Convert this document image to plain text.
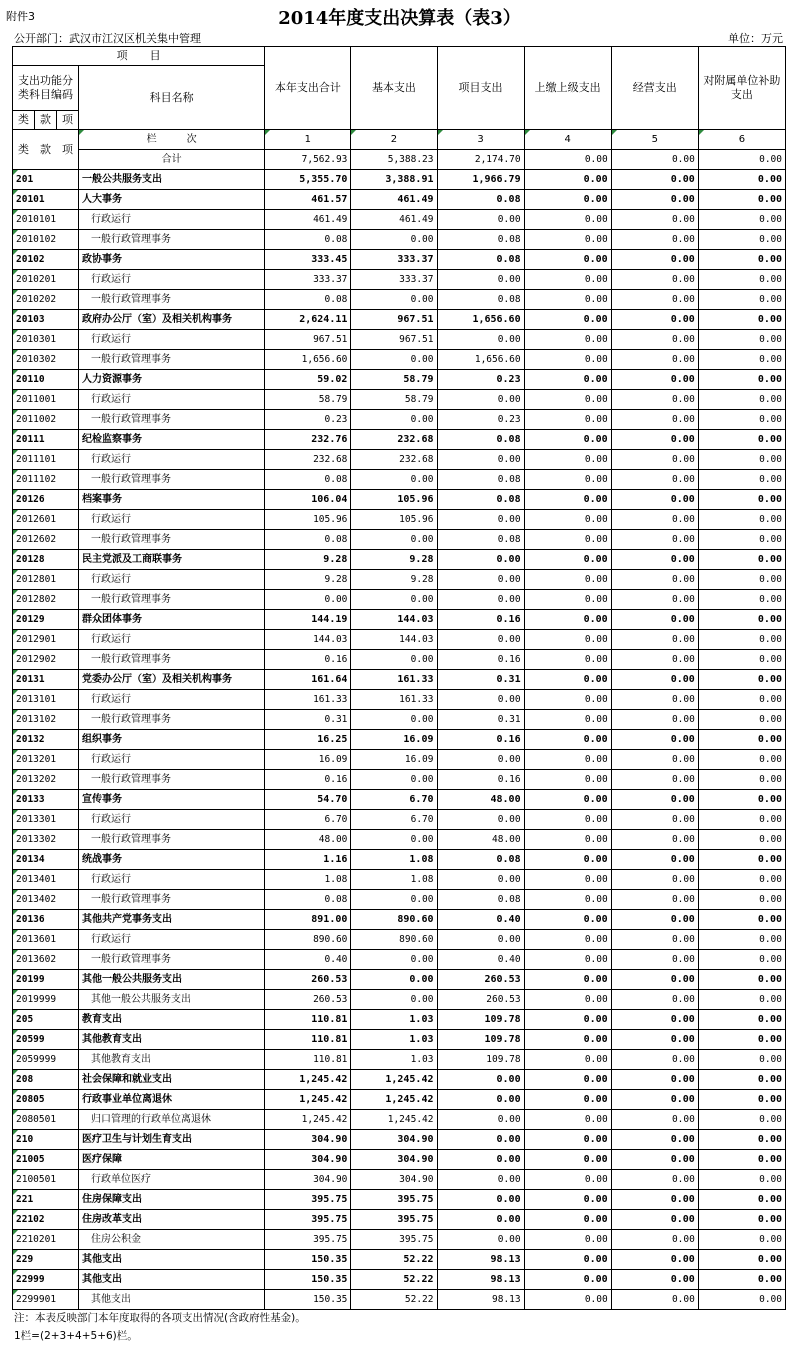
附件3	2014年度支出决算表（表3）
公开部门：武汉市江汉区机关集中管理	单位：万元
项　　目				本年支出合计	基本支出	项目支出	上缴上级支出	经营支出	对附属单位补助支出
支出功能分类科目编码			科目名称						

类	款	项							
类　 款　 项			栏　　　次	1	2	3	4	5	6
			合计	7,562.93	5,388.23	2,174.70	0.00	0.00	0.00
201			一般公共服务支出	5,355.70	3,388.91	1,966.79	0.00	0.00	0.00
20101			人大事务	461.57	461.49	0.08	0.00	0.00	0.00
2010101			行政运行	461.49	461.49	0.00	0.00	0.00	0.00
2010102			一般行政管理事务	0.08	0.00	0.08	0.00	0.00	0.00
20102			政协事务	333.45	333.37	0.08	0.00	0.00	0.00
2010201			行政运行	333.37	333.37	0.00	0.00	0.00	0.00
2010202			一般行政管理事务	0.08	0.00	0.08	0.00	0.00	0.00
20103			政府办公厅（室）及相关机构事务	2,624.11	967.51	1,656.60	0.00	0.00	0.00
2010301			行政运行	967.51	967.51	0.00	0.00	0.00	0.00
2010302			一般行政管理事务	1,656.60	0.00	1,656.60	0.00	0.00	0.00
20110			人力资源事务	59.02	58.79	0.23	0.00	0.00	0.00
2011001			行政运行	58.79	58.79	0.00	0.00	0.00	0.00
2011002			一般行政管理事务	0.23	0.00	0.23	0.00	0.00	0.00
20111			纪检监察事务	232.76	232.68	0.08	0.00	0.00	0.00
2011101			行政运行	232.68	232.68	0.00	0.00	0.00	0.00
2011102			一般行政管理事务	0.08	0.00	0.08	0.00	0.00	0.00
20126			档案事务	106.04	105.96	0.08	0.00	0.00	0.00
2012601			行政运行	105.96	105.96	0.00	0.00	0.00	0.00
2012602			一般行政管理事务	0.08	0.00	0.08	0.00	0.00	0.00
20128			民主党派及工商联事务	9.28	9.28	0.00	0.00	0.00	0.00
2012801			行政运行	9.28	9.28	0.00	0.00	0.00	0.00
2012802			一般行政管理事务	0.00	0.00	0.00	0.00	0.00	0.00
20129			群众团体事务	144.19	144.03	0.16	0.00	0.00	0.00
2012901			行政运行	144.03	144.03	0.00	0.00	0.00	0.00
2012902			一般行政管理事务	0.16	0.00	0.16	0.00	0.00	0.00
20131			党委办公厅（室）及相关机构事务	161.64	161.33	0.31	0.00	0.00	0.00
2013101			行政运行	161.33	161.33	0.00	0.00	0.00	0.00
2013102			一般行政管理事务	0.31	0.00	0.31	0.00	0.00	0.00
20132			组织事务	16.25	16.09	0.16	0.00	0.00	0.00
2013201			行政运行	16.09	16.09	0.00	0.00	0.00	0.00
2013202			一般行政管理事务	0.16	0.00	0.16	0.00	0.00	0.00
20133			宣传事务	54.70	6.70	48.00	0.00	0.00	0.00
2013301			行政运行	6.70	6.70	0.00	0.00	0.00	0.00
2013302			一般行政管理事务	48.00	0.00	48.00	0.00	0.00	0.00
20134			统战事务	1.16	1.08	0.08	0.00	0.00	0.00
2013401			行政运行	1.08	1.08	0.00	0.00	0.00	0.00
2013402			一般行政管理事务	0.08	0.00	0.08	0.00	0.00	0.00
20136			其他共产党事务支出	891.00	890.60	0.40	0.00	0.00	0.00
2013601			行政运行	890.60	890.60	0.00	0.00	0.00	0.00
2013602			一般行政管理事务	0.40	0.00	0.40	0.00	0.00	0.00
20199			其他一般公共服务支出	260.53	0.00	260.53	0.00	0.00	0.00
2019999			其他一般公共服务支出	260.53	0.00	260.53	0.00	0.00	0.00
205			教育支出	110.81	1.03	109.78	0.00	0.00	0.00
20599			其他教育支出	110.81	1.03	109.78	0.00	0.00	0.00
2059999			其他教育支出	110.81	1.03	109.78	0.00	0.00	0.00
208			社会保障和就业支出	1,245.42	1,245.42	0.00	0.00	0.00	0.00
20805			行政事业单位离退休	1,245.42	1,245.42	0.00	0.00	0.00	0.00
2080501			归口管理的行政单位离退休	1,245.42	1,245.42	0.00	0.00	0.00	0.00
210			医疗卫生与计划生育支出	304.90	304.90	0.00	0.00	0.00	0.00
21005			医疗保障	304.90	304.90	0.00	0.00	0.00	0.00
2100501			行政单位医疗	304.90	304.90	0.00	0.00	0.00	0.00
221			住房保障支出	395.75	395.75	0.00	0.00	0.00	0.00
22102			住房改革支出	395.75	395.75	0.00	0.00	0.00	0.00
2210201			住房公积金	395.75	395.75	0.00	0.00	0.00	0.00
229			其他支出	150.35	52.22	98.13	0.00	0.00	0.00
22999			其他支出	150.35	52.22	98.13	0.00	0.00	0.00
2299901			其他支出	150.35	52.22	98.13	0.00	0.00	0.00
注：本表反映部门本年度取得的各项支出情况(含政府性基金)。
1栏=(2+3+4+5+6)栏。
